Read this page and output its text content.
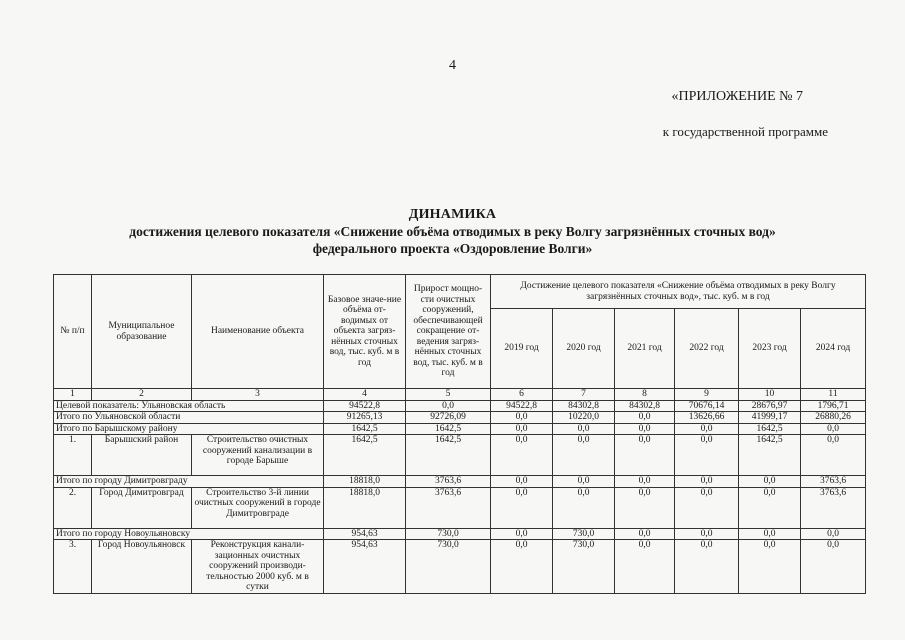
4
«ПРИЛОЖЕНИЕ № 7
к государственной программе
ДИНАМИКА
достижения целевого показателя «Снижение объёма отводимых в реку Волгу загрязнённых сточных вод»
федерального проекта «Оздоровление Волги»
№ п/п	Муниципальное образование	Наименование объекта	Базовое значе-ние объёма от-водимых от объекта загряз-нённых сточных вод, тыс. куб. м в год	Прирост мощно-сти очистных сооружений, обеспечивающей сокращение от-ведения загряз-нённых сточных вод, тыс. куб. м в год	Достижение целевого показателя «Снижение объёма отводимых в реку Волгу загрязнённых сточных вод», тыс. куб. м в год					
					2019 год	2020 год	2021 год	2022 год	2023 год	2024 год
1	2	3	4	5	6	7	8	9	10	11
Целевой показатель: Ульяновская область			94522,8	0,0	94522,8	84302,8	84302,8	70676,14	28676,97	1796,71
Итого по Ульяновской области			91265,13	92726,09	0,0	10220,0	0,0	13626,66	41999,17	26880,26
Итого по Барышскому району			1642,5	1642,5	0,0	0,0	0,0	0,0	1642,5	0,0
1.	Барышский район	Строительство очистных сооружений канализации в городе Барыше	1642,5	1642,5	0,0	0,0	0,0	0,0	1642,5	0,0
Итого по городу Димитровграду			18818,0	3763,6	0,0	0,0	0,0	0,0	0,0	3763,6
2.	Город Димитровград	Строительство 3-й линии очистных сооружений в городе Димитровграде	18818,0	3763,6	0,0	0,0	0,0	0,0	0,0	3763,6
Итого по городу Новоульяновску			954,63	730,0	0,0	730,0	0,0	0,0	0,0	0,0
3.	Город Новоульяновск	Реконструкция канали-зационных очистных сооружений производи-тельностью 2000 куб. м в сутки	954,63	730,0	0,0	730,0	0,0	0,0	0,0	0,0
